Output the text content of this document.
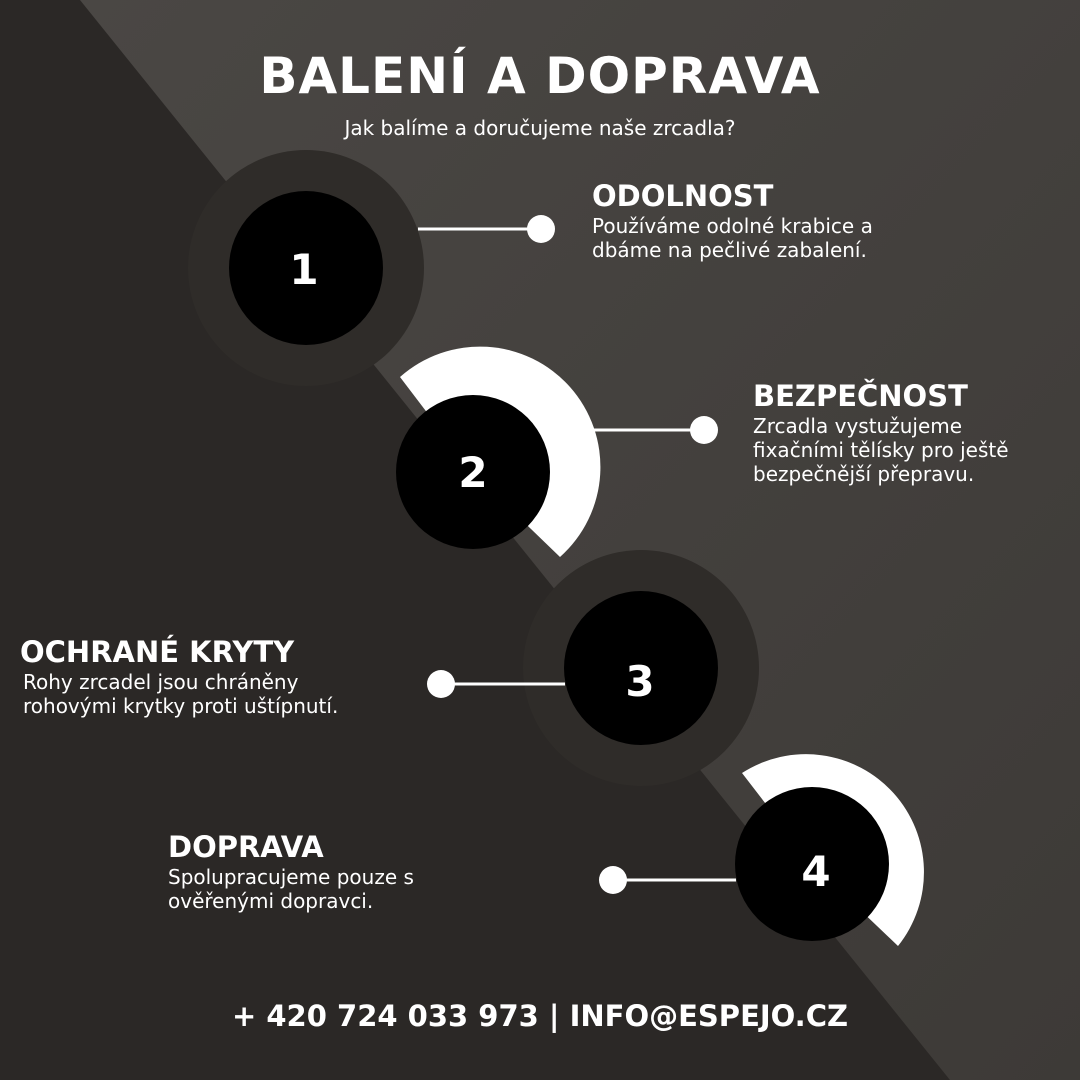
1
2
3
4
BALENÍ A DOPRAVA
Jak balíme a doručujeme naše zrcadla?

ODOLNOST

Používáme odolné krabice a

dbáme na pečlivé zabalení.

BEZPEČNOST

Zrcadla vystužujeme

fixačními tělísky pro ještě

bezpečnější přepravu.

OCHRANÉ KRYTY

Rohy zrcadel jsou chráněny

rohovými krytky proti uštípnutí.

DOPRAVA

Spolupracujeme pouze s

ověřenými dopravci.

+ 420 724 033 973 | INFO@ESPEJO.CZ
